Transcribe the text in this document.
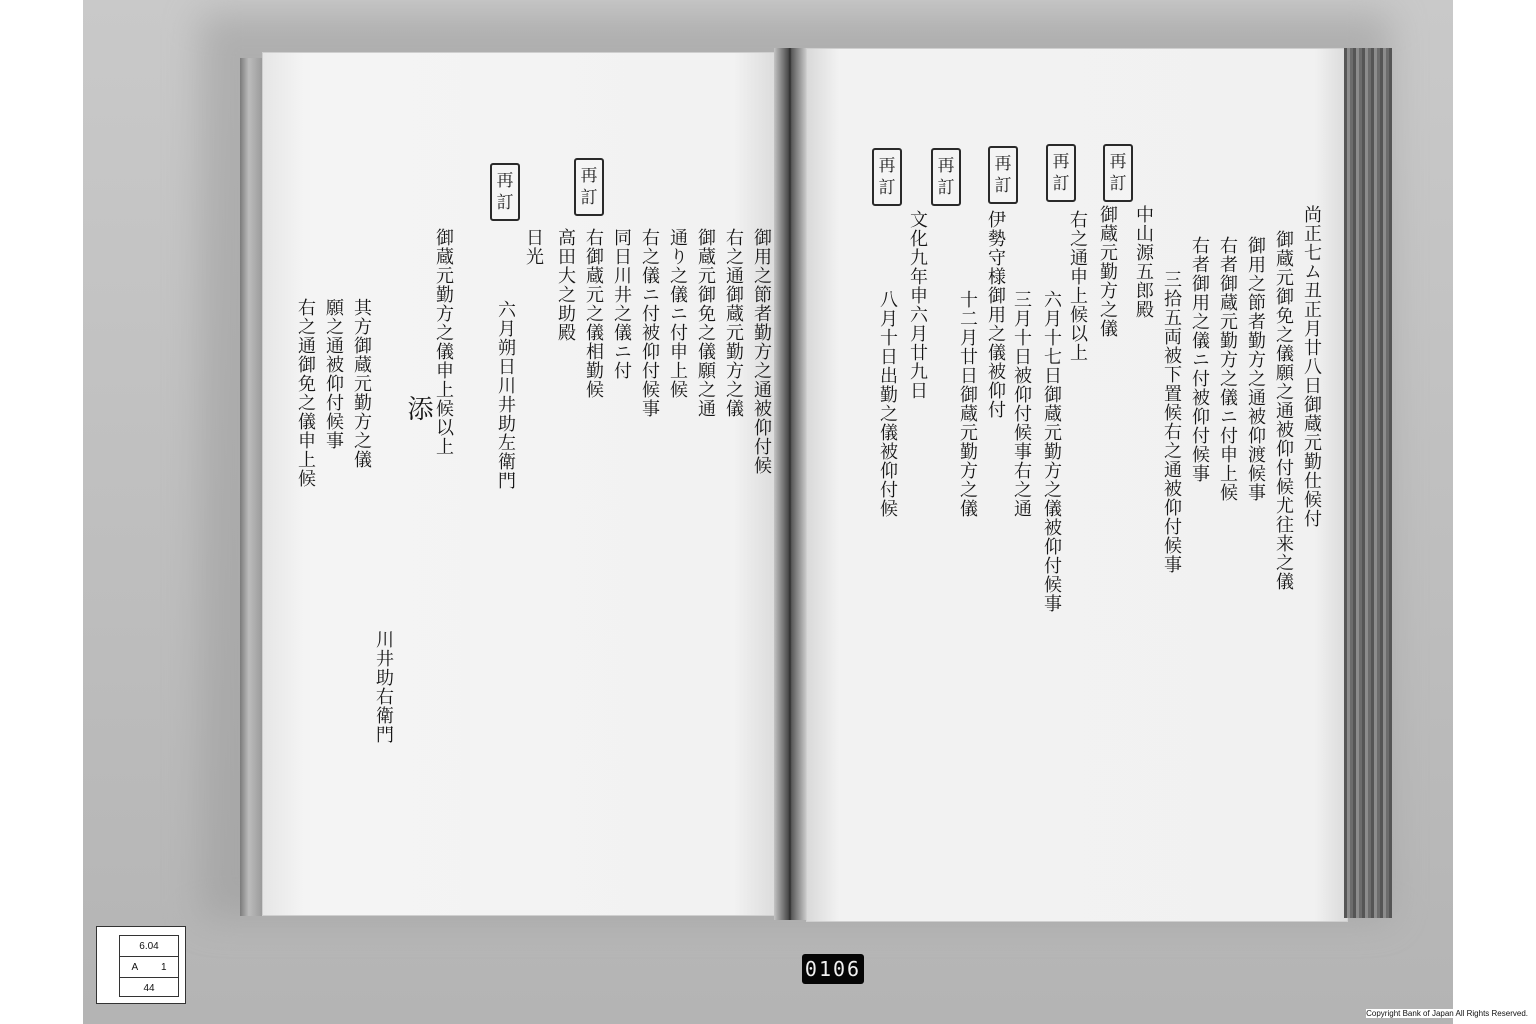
再
訂
再
訂
再
訂
再
訂
再
訂
再
訂
再
訂
尚正七ム丑正月廿八日御蔵元勤仕候付
御蔵元御免之儀願之通被仰付候尤往来之儀
御用之節者勤方之通被仰渡候事
右者御蔵元勤方之儀ニ付申上候
右者御用之儀ニ付被仰付候事
三拾五両被下置候右之通被仰付候事
中山源五郎殿
御蔵元勤方之儀
右之通申上候以上
六月十七日御蔵元勤方之儀被仰付候事
三月十日被仰付候事右之通
伊勢守様御用之儀被仰付
十二月廿日御蔵元勤方之儀
文化九年申六月廿九日
八月十日出勤之儀被仰付候
御用之節者勤方之通被仰付候
右之通御蔵元勤方之儀
御蔵元御免之儀願之通
通り之儀ニ付申上候
右之儀ニ付被仰付候事
同日川井之儀ニ付
右御蔵元之儀相勤候
高田大之助殿
日光
六月朔日川井助左衛門
御蔵元勤方之儀申上候以上
添
其方御蔵元勤方之儀
願之通被仰付候事
右之通御免之儀申上候
川井助右衛門
6.04
A 1
44
0106
Copyright Bank of Japan All Rights Reserved.
